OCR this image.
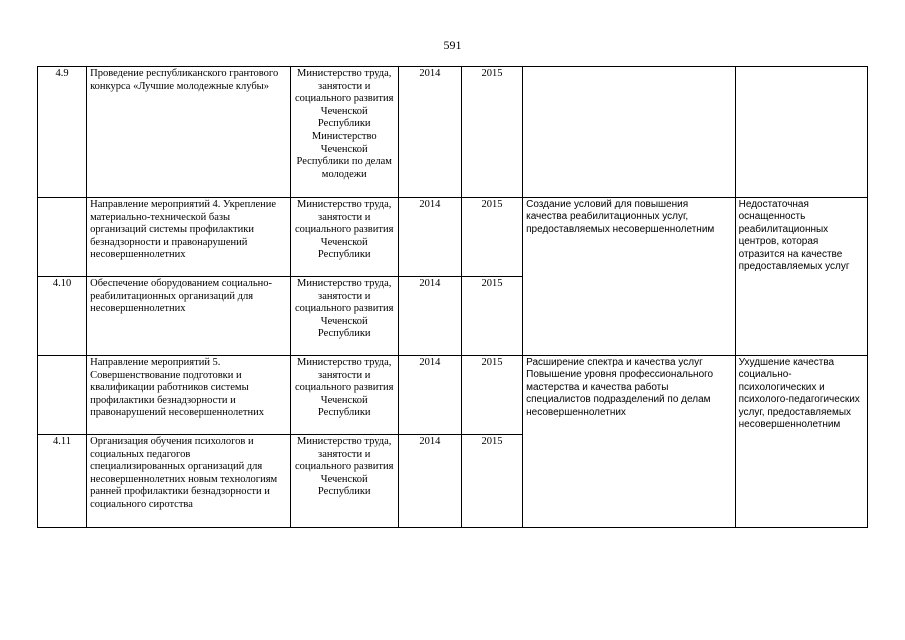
591
4.9	Проведение республиканского грантового конкурса «Лучшие молодежные клубы»	Министерство труда, занятости и социального развития Чеченской Республики Министерство Чеченской Республики по делам молодежи	2014	2015		
	Направление мероприятий 4. Укрепление материально-технической базы организаций системы профилактики безнадзорности и правонарушений несовершеннолетних	Министерство труда, занятости и социального развития Чеченской Республики	2014	2015	Создание условий для повышения качества реабилитационных услуг, предоставляемых несовершеннолетним	Недостаточная оснащенность реабилитационных центров, которая отразится на качестве предоставляемых услуг
4.10	Обеспечение оборудованием социально-реабилитационных организаций для несовершеннолетних	Министерство труда, занятости и социального развития Чеченской Республики	2014	2015		
	Направление мероприятий 5. Совершенствование подготовки и квалификации работников системы профилактики безнадзорности и правонарушений несовершеннолетних	Министерство труда, занятости и социального развития Чеченской Республики	2014	2015	Расширение спектра и качества услуг Повышение уровня профессионального мастерства и качества работы специалистов подразделений по делам несовершеннолетних	Ухудшение качества социально-психологических и психолого-педагогических услуг, предоставляемых несовершеннолетним
4.11	Организация обучения психологов и социальных педагогов специализированных организаций для несовершеннолетних новым технологиям ранней профилактики безнадзорности и социального сиротства	Министерство труда, занятости и социального развития Чеченской Республики	2014	2015		
